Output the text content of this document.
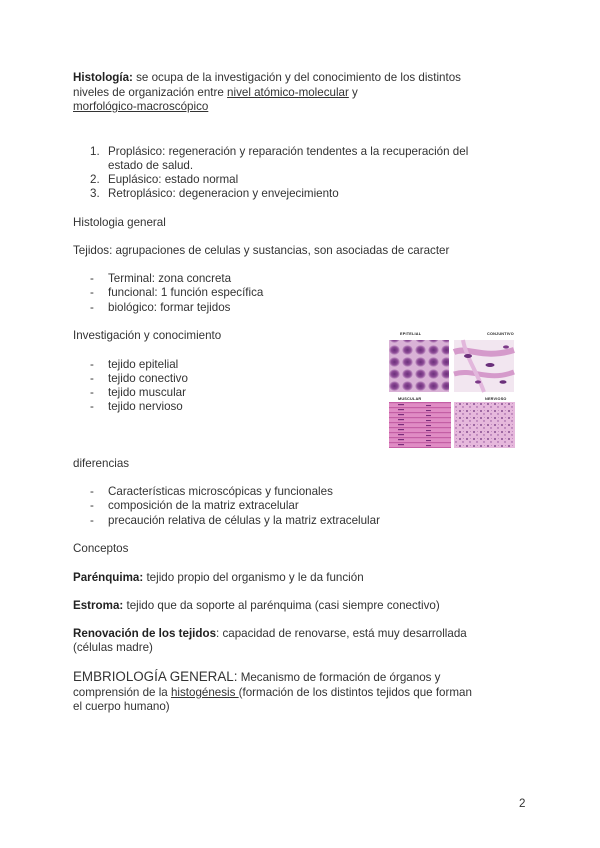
Histología: se ocupa de la investigación y del conocimiento de los distintos
niveles de organización entre nivel atómico-molecular y
morfológico-macroscópico
1. Proplásico: regeneración y reparación tendentes a la recuperación del
estado de salud.
2. Euplásico: estado normal
3. Retroplásico: degeneracion y envejecimiento
Histologia general
Tejidos: agrupaciones de celulas y sustancias, son asociadas de caracter
- Terminal: zona concreta
- funcional: 1 función específica
- biológico: formar tejidos
Investigación y conocimiento
- tejido epitelial
- tejido conectivo
- tejido muscular
- tejido nervioso
EPITELIAL	CONJUNTIVO
MUSCULAR	NERVIOSO
diferencias
- Características microscópicas y funcionales
- composición de la matriz extracelular
- precaución relativa de células y la matriz extracelular
Conceptos
Parénquima: tejido propio del organismo y le da función
Estroma: tejido que da soporte al parénquima (casi siempre conectivo)
Renovación de los tejidos: capacidad de renovarse, está muy desarrollada
(células madre)
EMBRIOLOGÍA GENERAL: Mecanismo de formación de órganos y
comprensión de la histogénesis (formación de los distintos tejidos que forman
el cuerpo humano)
2
